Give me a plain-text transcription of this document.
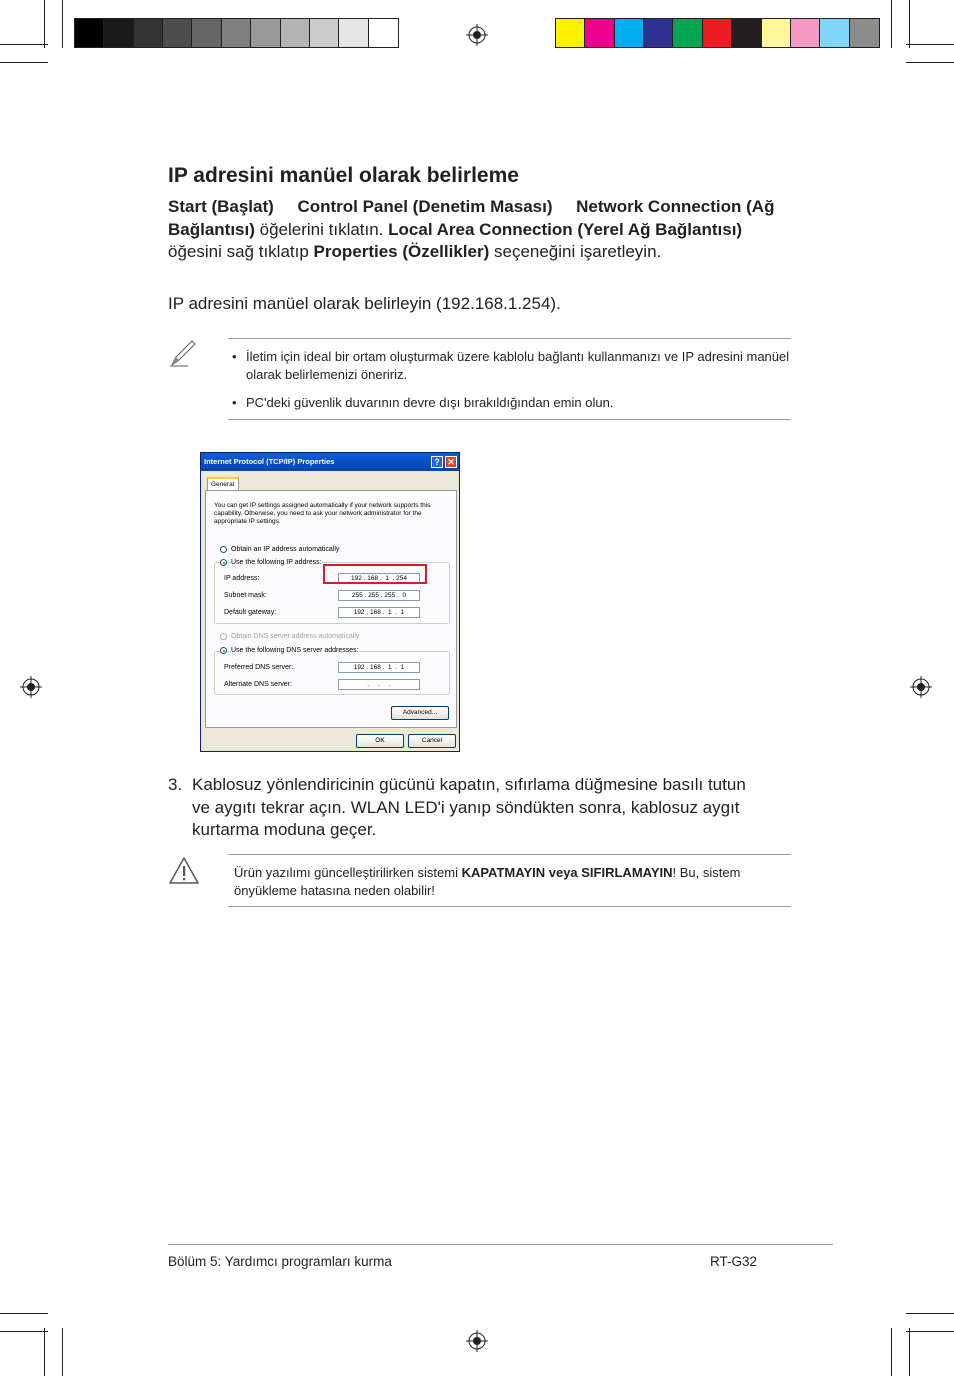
IP adresini manüel olarak belirleme
Start (Başlat) Control Panel (Denetim Masası) Network Connection (Ağ Bağlantısı) öğelerini tıklatın. Local Area Connection (Yerel Ağ Bağlantısı) öğesini sağ tıklatıp Properties (Özellikler) seçeneğini işaretleyin.
IP adresini manüel olarak belirleyin (192.168.1.254).
• İletim için ideal bir ortam oluşturmak üzere kablolu bağlantı kullanmanızı ve IP adresini manüel olarak belirlemenizi öneririz.
• PC'deki güvenlik duvarının devre dışı bırakıldığından emin olun.
Internet Protocol (TCP/IP) Properties	? ✕
General
You can get IP settings assigned automatically if your network supports this capability. Otherwise, you need to ask your network administrator for the appropriate IP settings.
Obtain an IP address automatically
Use the following IP address:
IP address:	192 . 168 .  1  . 254
Subnet mask:	255 . 255 . 255 .  0
Default gateway:	192 . 168 .  1  .  1
Obtain DNS server address automatically
Use the following DNS server addresses:
Preferred DNS server:	192 . 168 .  1  .  1
Alternate DNS server:	.     .     .
Advanced...
OK	Cancel
3. Kablosuz yönlendiricinin gücünü kapatın, sıfırlama düğmesine basılı tutun ve aygıtı tekrar açın. WLAN LED'i yanıp söndükten sonra, kablosuz aygıt kurtarma moduna geçer.
Ürün yazılımı güncelleştirilirken sistemi KAPATMAYIN veya SIFIRLAMAYIN! Bu, sistem önyükleme hatasına neden olabilir!
Bölüm 5: Yardımcı programları kurma	RT-G32
